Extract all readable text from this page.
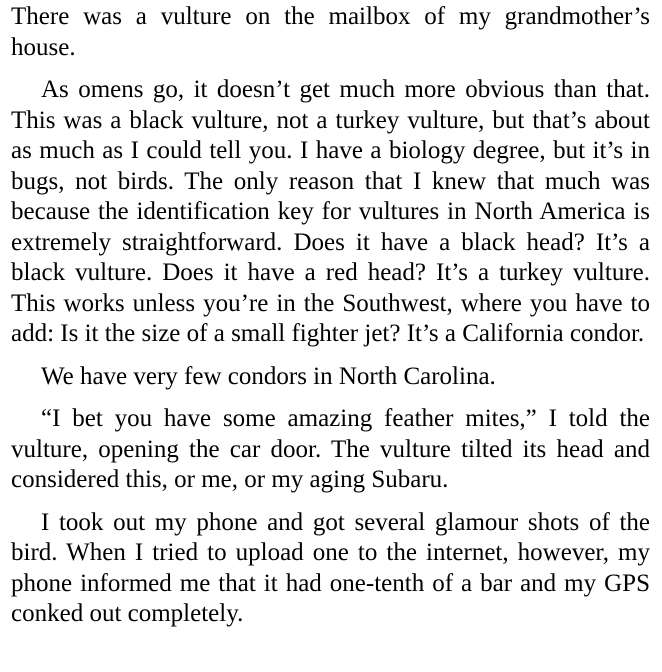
There was a vulture on the mailbox of my grandmother’s house.

As omens go, it doesn’t get much more obvious than that. This was a black vulture, not a turkey vulture, but that’s about as much as I could tell you. I have a biology degree, but it’s in bugs, not birds. The only reason that I knew that much was because the identification key for vultures in North America is extremely straightforward. Does it have a black head? It’s a black vulture. Does it have a red head? It’s a turkey vulture. This works unless you’re in the Southwest, where you have to add: Is it the size of a small fighter jet? It’s a California condor.

We have very few condors in North Carolina.

“I bet you have some amazing feather mites,” I told the vulture, opening the car door. The vulture tilted its head and considered this, or me, or my aging Subaru.

I took out my phone and got several glamour shots of the bird. When I tried to upload one to the internet, however, my phone informed me that it had one-tenth of a bar and my GPS conked out completely.
